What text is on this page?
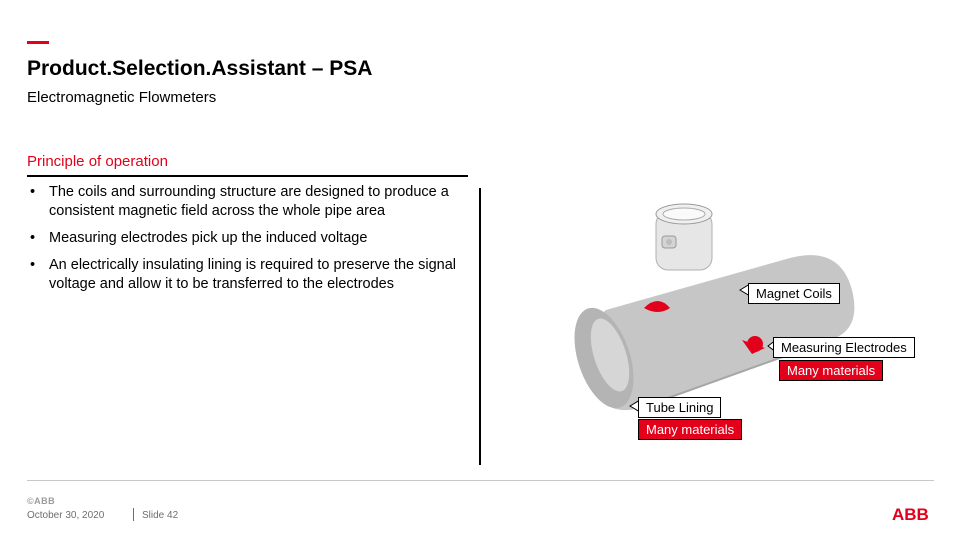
Product.Selection.Assistant – PSA
Electromagnetic Flowmeters
Principle of operation
• The coils and surrounding structure are designed to produce a consistent magnetic field across the whole pipe area
• Measuring electrodes pick up the induced voltage
• An electrically insulating lining is required to preserve the signal voltage and allow it to be transferred to the electrodes
Magnet Coils
Measuring Electrodes
Many materials
Tube Lining
Many materials
©ABB
October 30, 2020	Slide 42	ABB
